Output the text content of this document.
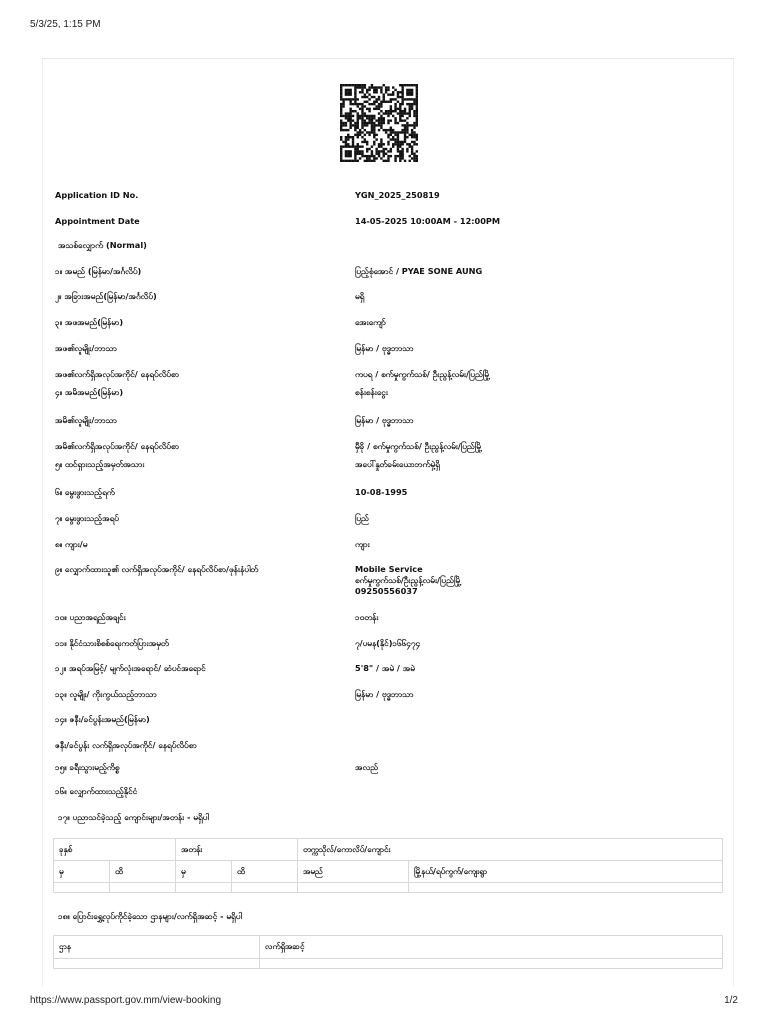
5/3/25, 1:15 PM
Application ID No.	YGN_2025_250819
Appointment Date	14-05-2025 10:00AM - 12:00PM
၁။ အမည် (မြန်မာ/အင်္ဂလိပ်)	ပြည့်စုံအောင် / PYAE SONE AUNG
၂။ အခြားအမည်(မြန်မာ/အင်္ဂလိပ်)	မရှိ
၃။ အဖအမည်(မြန်မာ)	အေးကျော်
အဖ၏လူမျိုး/ဘာသာ	မြန်မာ / ဗုဒ္ဓဘာသာ
အဖ၏လက်ရှိအလုပ်အကိုင်/ နေရပ်လိပ်စာ	ကပရ / စက်မှုကွက်သစ်/ ဦးညွန့်လမ်း/ပြည်မြို့
၄။ အမိအမည်(မြန်မာ)	စန်းစန်းငွေး
အမိ၏လူမျိုး/ဘာသာ	မြန်မာ / ဗုဒ္ဓဘာသာ
အမိ၏လက်ရှိအလုပ်အကိုင်/ နေရပ်လိပ်စာ	မှီခို / စက်မှုကွက်သစ်/ ဦးညွန့်လမ်း/ပြည်မြို့
၅။ ထင်ရှားသည့်အမှတ်အသား	အပေါ်နှုတ်ခမ်းယောဘက်မှဲ့ရှိ
၆။ မွေးဖွားသည့်ရက်	10-08-1995
၇။ မွေးဖွားသည့်အရပ်	ပြည်
၈။ ကျား/မ	ကျား
၉။ လျှောက်ထားသူ၏ လက်ရှိအလုပ်အကိုင်/ နေရပ်လိပ်စာ/ဖုန်းနံပါတ်	Mobile Service
စက်မှုကွက်သစ်/ဦးညွန့်လမ်း/ပြည်မြို့
09250556037
၁၀။ ပညာအရည်အချင်း	၁၀တန်း
၁၁။ နိုင်ငံသားစိစစ်ရေးကတ်ပြားအမှတ်	၇/ပမန(နိုင်)၁၆၆၄၇၄
၁၂။ အရပ်အမြင့်/ မျက်လုံးအရောင်/ ဆံပင်အရောင်	5'8" / အမဲ / အမဲ
၁၃။ လူမျိုး/ ကိုးကွယ်သည့်ဘာသာ	မြန်မာ / ဗုဒ္ဓဘာသာ
၁၄။ ဇနီး/ခင်ပွန်းအမည်(မြန်မာ)
ဇနီး/ခင်ပွန်း လက်ရှိအလုပ်အကိုင်/ နေရပ်လိပ်စာ
၁၅။ ခရီးသွားမည့်ကိစ္စ	အလည်
၁၆။ လျှောက်ထားသည့်နိုင်ငံ
အသစ်လျှောက် (Normal)
၁၇။ ပညာသင်ခဲ့သည့် ကျောင်းများ/အတန်း - မရှိပါ
ခုနှစ်		အတန်း		တက္ကသိုလ်/ကောလိပ်/ကျောင်း	
မှ	ထိ	မှ	ထိ	အမည်	မြို့နယ်/ရပ်ကွက်/ကျေးရွာ

၁၈။ ပြောင်းရွှေ့လုပ်ကိုင်ခဲ့သော ဌာနများ/လက်ရှိအဆင့် - မရှိပါ
ဌာန	လက်ရှိအဆင့်

https://www.passport.gov.mm/view-booking	1/2
